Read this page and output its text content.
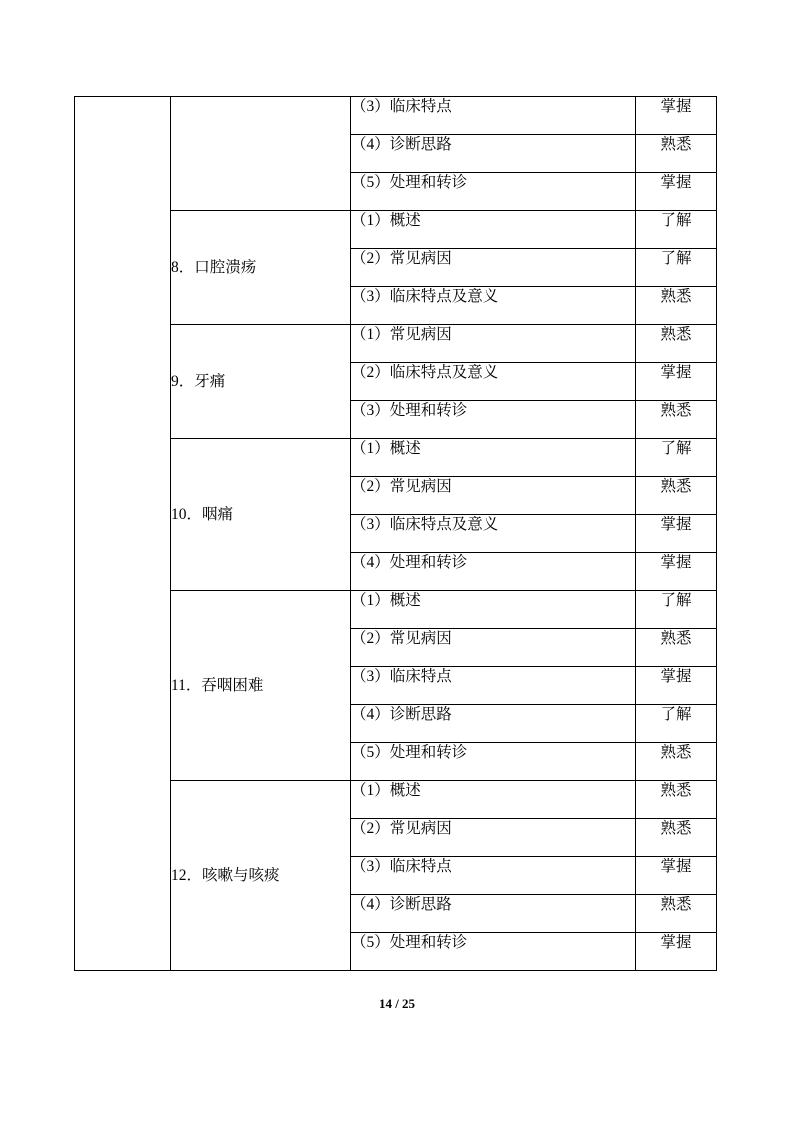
		（3）临床特点	掌握
		（4）诊断思路	熟悉
		（5）处理和转诊	掌握
	8．口腔溃疡	（1）概述	了解
		（2）常见病因	了解
		（3）临床特点及意义	熟悉
	9．牙痛	（1）常见病因	熟悉
		（2）临床特点及意义	掌握
		（3）处理和转诊	熟悉
	10．咽痛	（1）概述	了解
		（2）常见病因	熟悉
		（3）临床特点及意义	掌握
		（4）处理和转诊	掌握
	11．吞咽困难	（1）概述	了解
		（2）常见病因	熟悉
		（3）临床特点	掌握
		（4）诊断思路	了解
		（5）处理和转诊	熟悉
	12．咳嗽与咳痰	（1）概述	熟悉
		（2）常见病因	熟悉
		（3）临床特点	掌握
		（4）诊断思路	熟悉
		（5）处理和转诊	掌握
14 / 25
